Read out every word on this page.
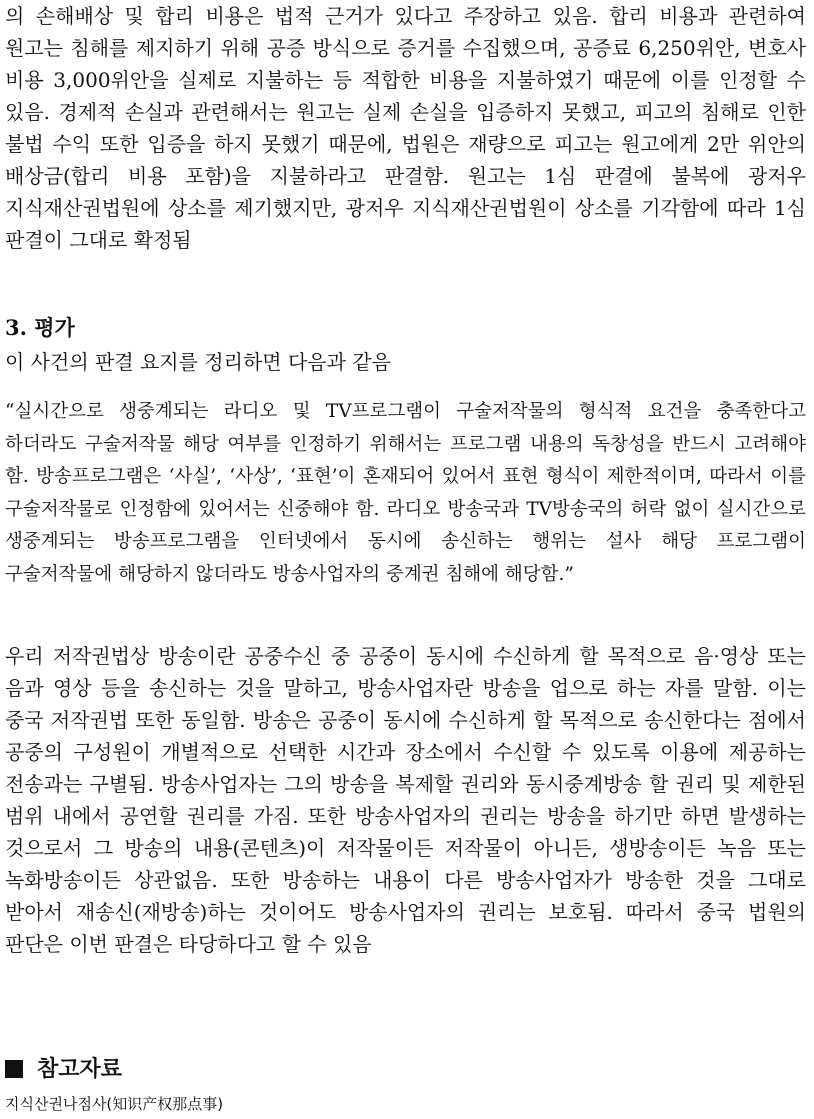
의 손해배상 및 합리 비용은 법적 근거가 있다고 주장하고 있음. 합리 비용과 관련하여 원고는 침해를 제지하기 위해 공증 방식으로 증거를 수집했으며, 공증료 6,250위안, 변호사 비용 3,000위안을 실제로 지불하는 등 적합한 비용을 지불하였기 때문에 이를 인정할 수 있음. 경제적 손실과 관련해서는 원고는 실제 손실을 입증하지 못했고, 피고의 침해로 인한 불법 수익 또한 입증을 하지 못했기 때문에, 법원은 재량으로 피고는 원고에게 2만 위안의 배상금(합리 비용 포함)을 지불하라고 판결함. 원고는 1심 판결에 불복에 광저우 지식재산권법원에 상소를 제기했지만, 광저우 지식재산권법원이 상소를 기각함에 따라 1심 판결이 그대로 확정됨

3. 평가

이 사건의 판결 요지를 정리하면 다음과 같음

“실시간으로 생중계되는 라디오 및 TV프로그램이 구술저작물의 형식적 요건을 충족한다고 하더라도 구술저작물 해당 여부를 인정하기 위해서는 프로그램 내용의 독창성을 반드시 고려해야 함. 방송프로그램은 ‘사실’, ‘사상’, ‘표현’이 혼재되어 있어서 표현 형식이 제한적이며, 따라서 이를 구술저작물로 인정함에 있어서는 신중해야 함. 라디오 방송국과 TV방송국의 허락 없이 실시간으로 생중계되는 방송프로그램을 인터넷에서 동시에 송신하는 행위는 설사 해당 프로그램이 구술저작물에 해당하지 않더라도 방송사업자의 중계권 침해에 해당함.”

우리 저작권법상 방송이란 공중수신 중 공중이 동시에 수신하게 할 목적으로 음·영상 또는 음과 영상 등을 송신하는 것을 말하고, 방송사업자란 방송을 업으로 하는 자를 말함. 이는 중국 저작권법 또한 동일함. 방송은 공중이 동시에 수신하게 할 목적으로 송신한다는 점에서 공중의 구성원이 개별적으로 선택한 시간과 장소에서 수신할 수 있도록 이용에 제공하는 전송과는 구별됨. 방송사업자는 그의 방송을 복제할 권리와 동시중계방송 할 권리 및 제한된 범위 내에서 공연할 권리를 가짐. 또한 방송사업자의 권리는 방송을 하기만 하면 발생하는 것으로서 그 방송의 내용(콘텐츠)이 저작물이든 저작물이 아니든, 생방송이든 녹음 또는 녹화방송이든 상관없음. 또한 방송하는 내용이 다른 방송사업자가 방송한 것을 그대로 받아서 재송신(재방송)하는 것이어도 방송사업자의 권리는 보호됨. 따라서 중국 법원의 판단은 이번 판결은 타당하다고 할 수 있음

참고자료

지식산권나점사(知识产权那点事)
